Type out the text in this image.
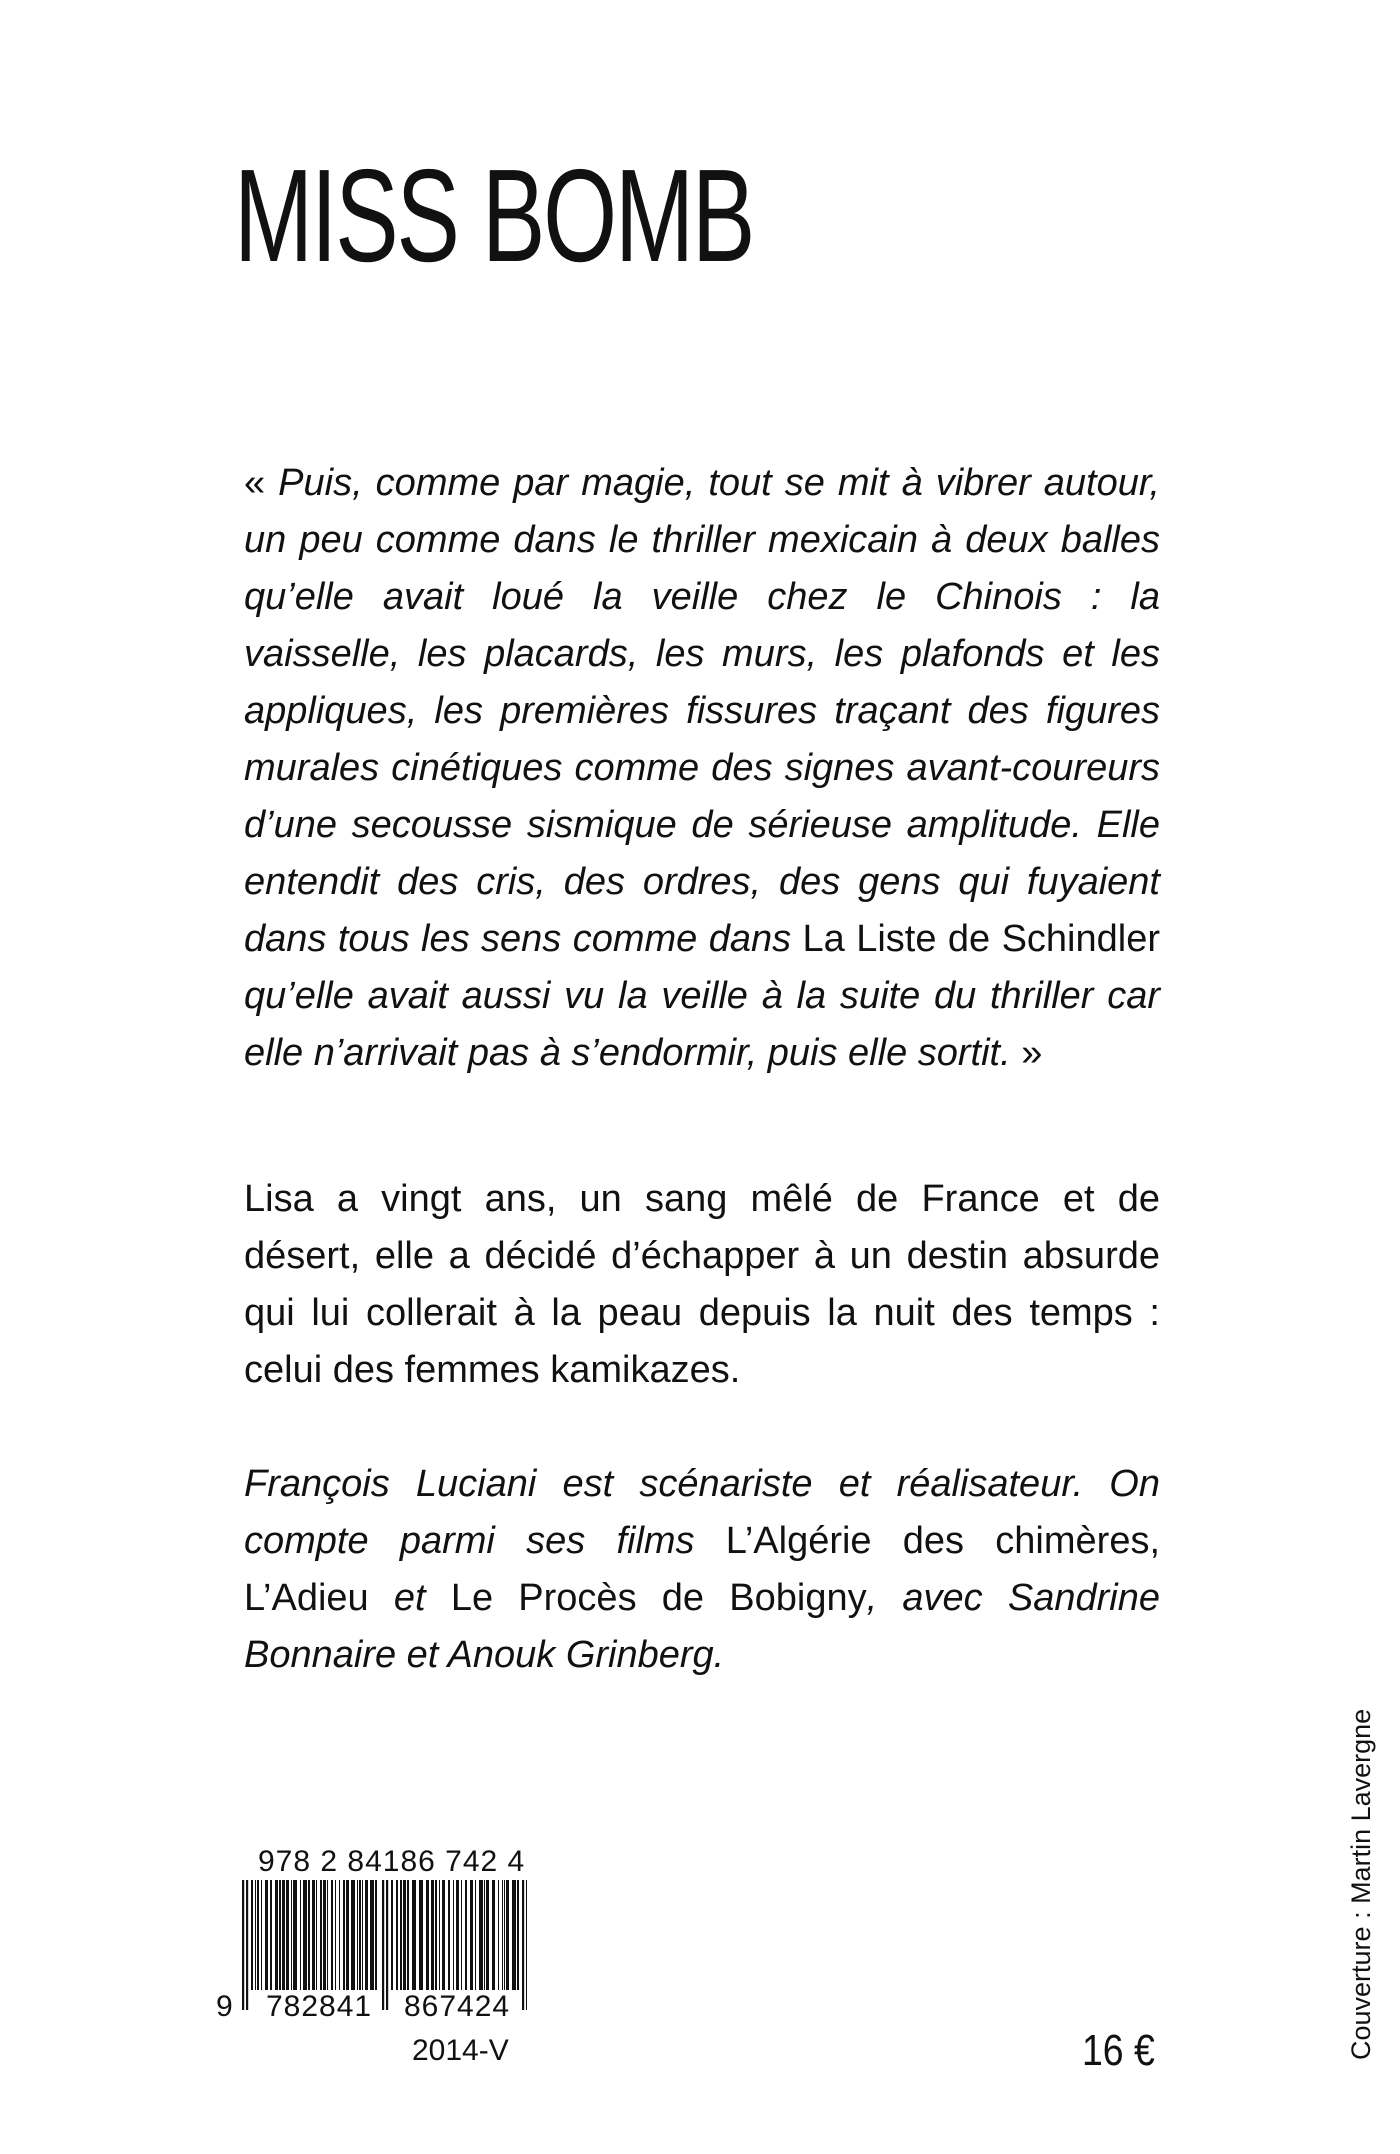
MISS BOMB

« Puis, comme par magie, tout se mit à vibrer autour, un peu comme dans le thriller mexicain à deux balles qu’elle avait loué la veille chez le Chinois : la vaisselle, les placards, les murs, les plafonds et les appliques, les premières fissures traçant des figures murales cinétiques comme des signes avant-coureurs d’une secousse sismique de sérieuse amplitude. Elle entendit des cris, des ordres, des gens qui fuyaient dans tous les sens comme dans La Liste de Schindler qu’elle avait aussi vu la veille à la suite du thriller car elle n’arrivait pas à s’endormir, puis elle sortit. »

Lisa a vingt ans, un sang mêlé de France et de désert, elle a décidé d’échapper à un destin absurde qui lui collerait à la peau depuis la nuit des temps : celui des femmes kamikazes.

François Luciani est scénariste et réalisateur. On compte parmi ses films L’Algérie des chimères, L’Adieu et Le Procès de Bobigny, avec Sandrine Bonnaire et Anouk Grinberg.

978 2 84186 742 4
9 782841 867424
2014-V	16 €	Couverture : Martin Lavergne
